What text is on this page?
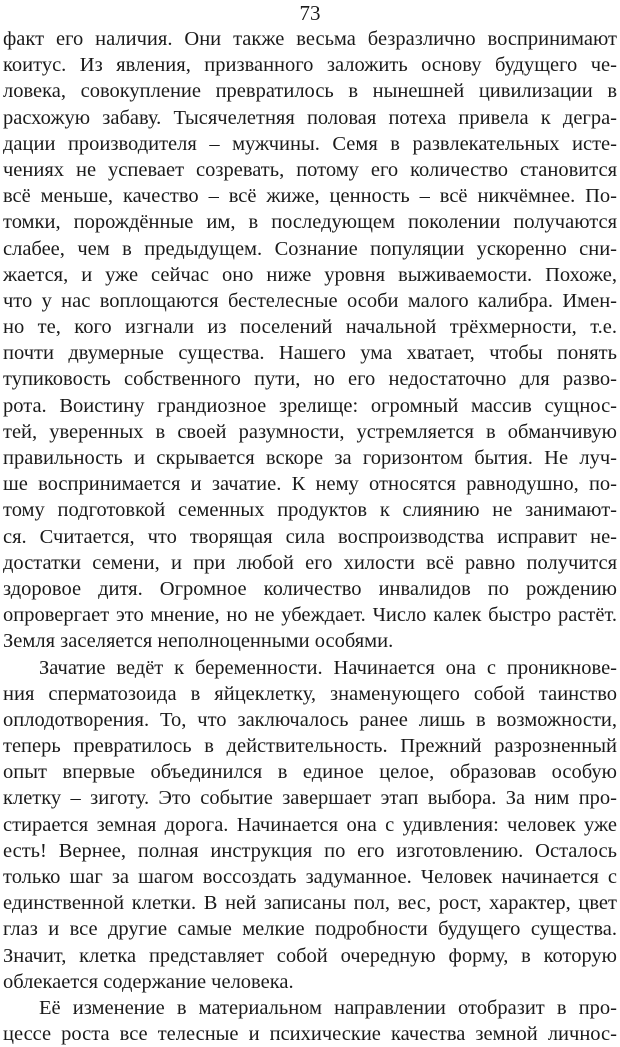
73
факт его наличия. Они также весьма безразлично воспринимают
коитус. Из явления, призванного заложить основу будущего че-
ловека, совокупление превратилось в нынешней цивилизации в
расхожую забаву. Тысячелетняя половая потеха привела к дегра-
дации производителя – мужчины. Семя в развлекательных исте-
чениях не успевает созревать, потому его количество становится
всё меньше, качество – всё жиже, ценность – всё никчёмнее. По-
томки, порождённые им, в последующем поколении получаются
слабее, чем в предыдущем. Сознание популяции ускоренно сни-
жается, и уже сейчас оно ниже уровня выживаемости. Похоже,
что у нас воплощаются бестелесные особи малого калибра. Имен-
но те, кого изгнали из поселений начальной трёхмерности, т.е.
почти двумерные существа. Нашего ума хватает, чтобы понять
тупиковость собственного пути, но его недостаточно для разво-
рота. Воистину грандиозное зрелище: огромный массив сущнос-
тей, уверенных в своей разумности, устремляется в обманчивую
правильность и скрывается вскоре за горизонтом бытия. Не луч-
ше воспринимается и зачатие. К нему относятся равнодушно, по-
тому подготовкой семенных продуктов к слиянию не занимают-
ся. Считается, что творящая сила воспроизводства исправит не-
достатки семени, и при любой его хилости всё равно получится
здоровое дитя. Огромное количество инвалидов по рождению
опровергает это мнение, но не убеждает. Число калек быстро растёт.
Земля заселяется неполноценными особями.
Зачатие ведёт к беременности. Начинается она с проникнове-
ния сперматозоида в яйцеклетку, знаменующего собой таинство
оплодотворения. То, что заключалось ранее лишь в возможности,
теперь превратилось в действительность. Прежний разрозненный
опыт впервые объединился в единое целое, образовав особую
клетку – зиготу. Это событие завершает этап выбора. За ним про-
стирается земная дорога. Начинается она с удивления: человек уже
есть! Вернее, полная инструкция по его изготовлению. Осталось
только шаг за шагом воссоздать задуманное. Человек начинается с
единственной клетки. В ней записаны пол, вес, рост, характер, цвет
глаз и все другие самые мелкие подробности будущего существа.
Значит, клетка представляет собой очередную форму, в которую
облекается содержание человека.
Её изменение в материальном направлении отобразит в про-
цессе роста все телесные и психические качества земной личнос-
